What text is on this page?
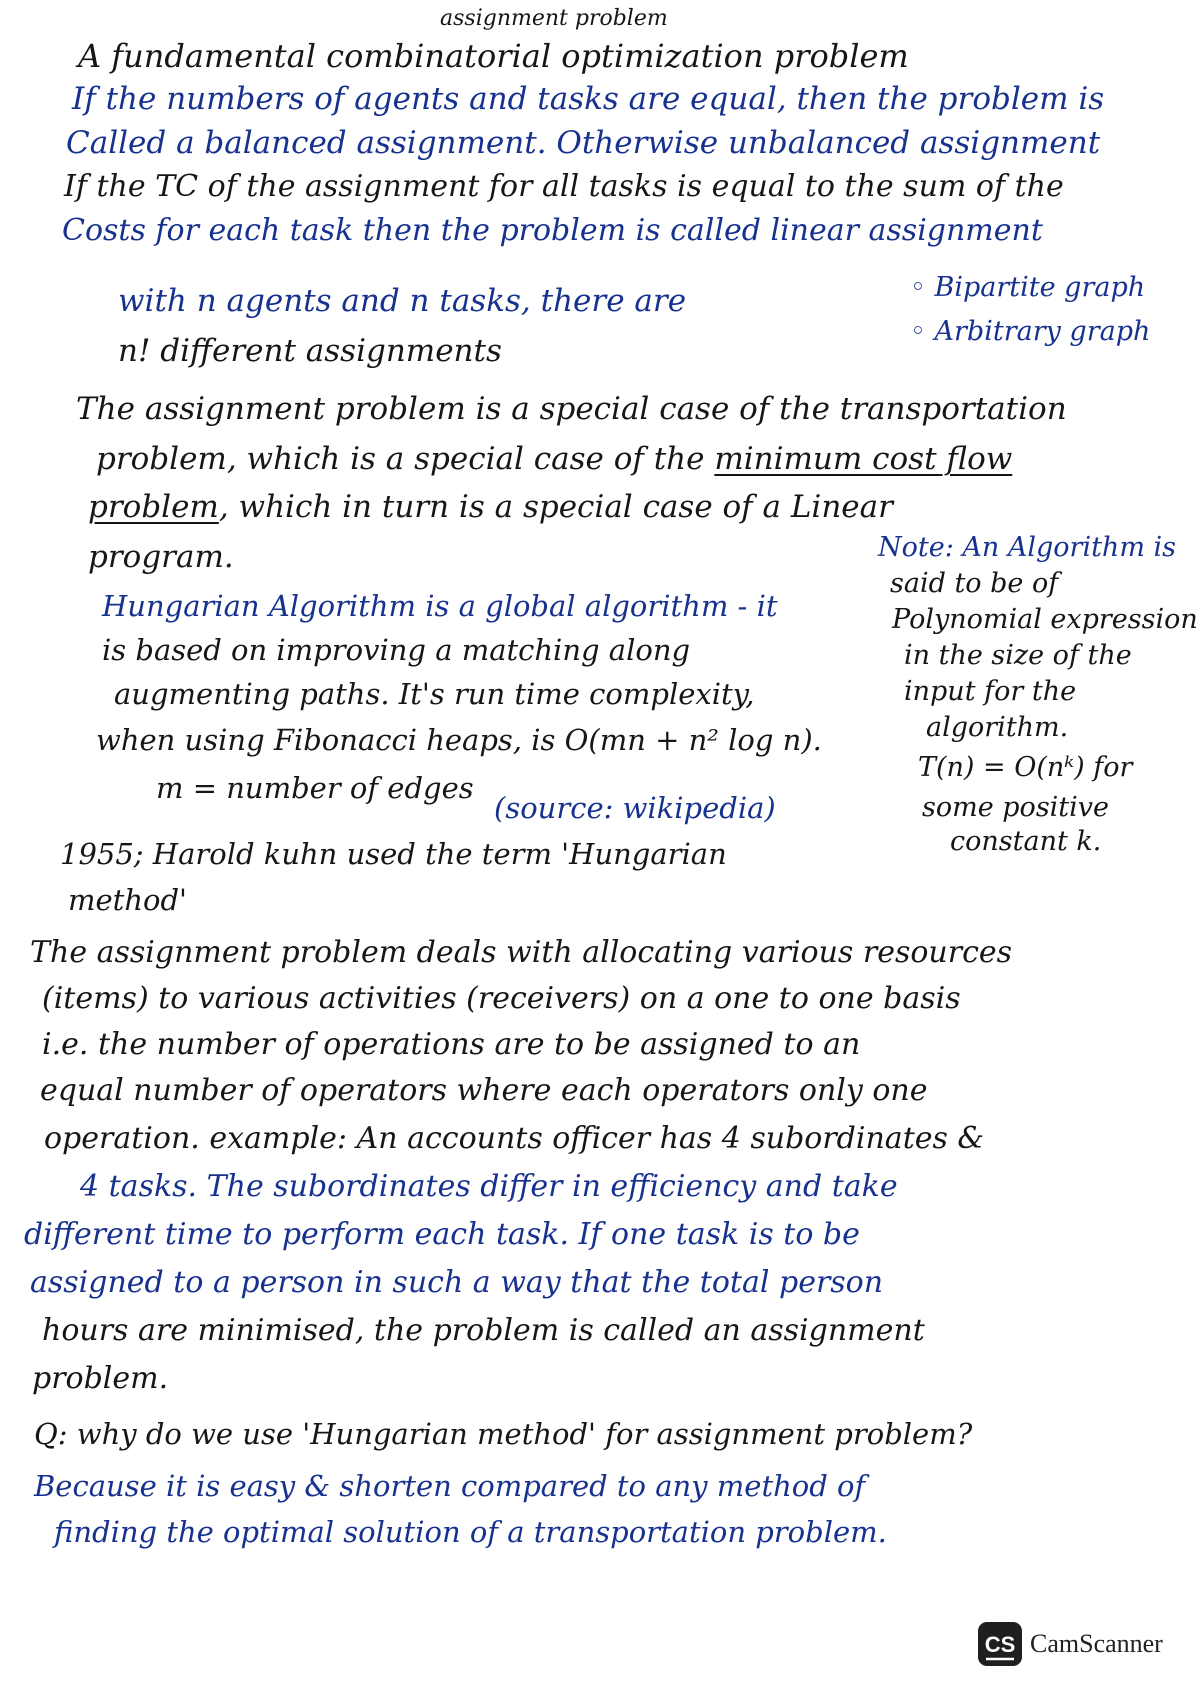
assignment problem

A fundamental combinatorial optimization problem

If the numbers of agents and tasks are equal, then the problem is

Called a balanced assignment. Otherwise unbalanced assignment

If the TC of the assignment for all tasks is equal to the sum of the

Costs for each task then the problem is called linear assignment

with n agents and n tasks, there are

n! different assignments

◦ Bipartite graph

◦ Arbitrary graph

The assignment problem is a special case of the transportation

problem, which is a special case of the minimum cost flow

problem, which in turn is a special case of a Linear

program.

Hungarian Algorithm is a global algorithm - it

is based on improving a matching along

augmenting paths. It's run time complexity,

when using Fibonacci heaps, is O(mn + n² log n).

m = number of edges

(source: wikipedia)

Note: An Algorithm is

said to be of

Polynomial expression

in the size of the

input for the

algorithm.

T(n) = O(nᵏ) for

some positive

constant k.

1955; Harold kuhn used the term 'Hungarian

method'

The assignment problem deals with allocating various resources

(items) to various activities (receivers) on a one to one basis

i.e. the number of operations are to be assigned to an

equal number of operators where each operators only one

operation. example: An accounts officer has 4 subordinates &

4 tasks. The subordinates differ in efficiency and take

different time to perform each task. If one task is to be

assigned to a person in such a way that the total person

hours are minimised, the problem is called an assignment

problem.

Q: why do we use 'Hungarian method' for assignment problem?

Because it is easy & shorten compared to any method of

finding the optimal solution of a transportation problem.

CS CamScanner
